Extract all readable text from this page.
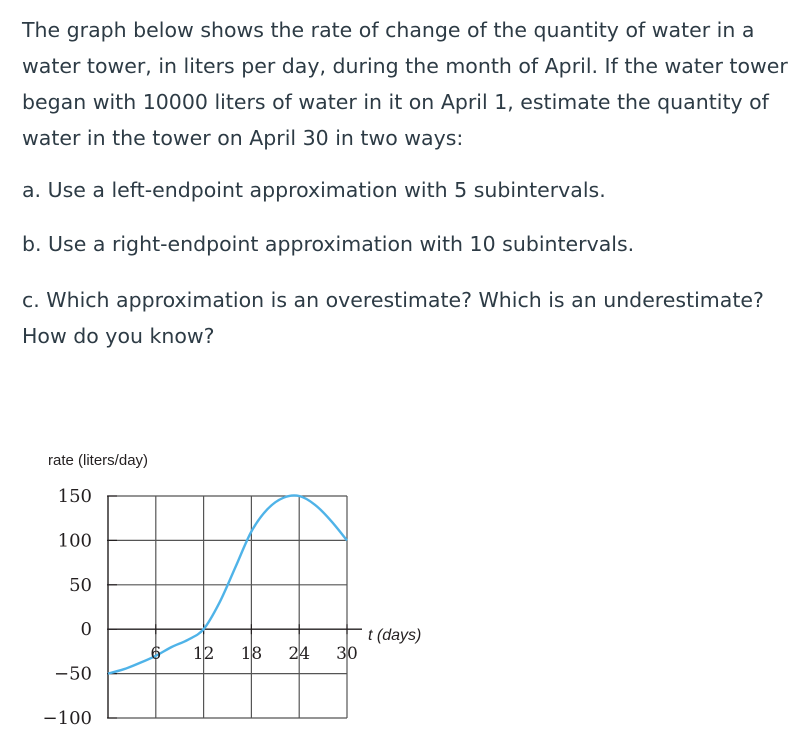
The graph below shows the rate of change of the quantity of water in a water tower, in liters per day, during the month of April. If the water tower began with 10000 liters of water in it on April 1, estimate the quantity of water in the tower on April 30 in two ways:

a. Use a left-endpoint approximation with 5 subintervals.

b. Use a right-endpoint approximation with 10 subintervals.

c. Which approximation is an overestimate? Which is an underestimate? How do you know?

rate (liters/day)
t (days)
150
100
50
0
−50
−100
6 12 18 24 30
